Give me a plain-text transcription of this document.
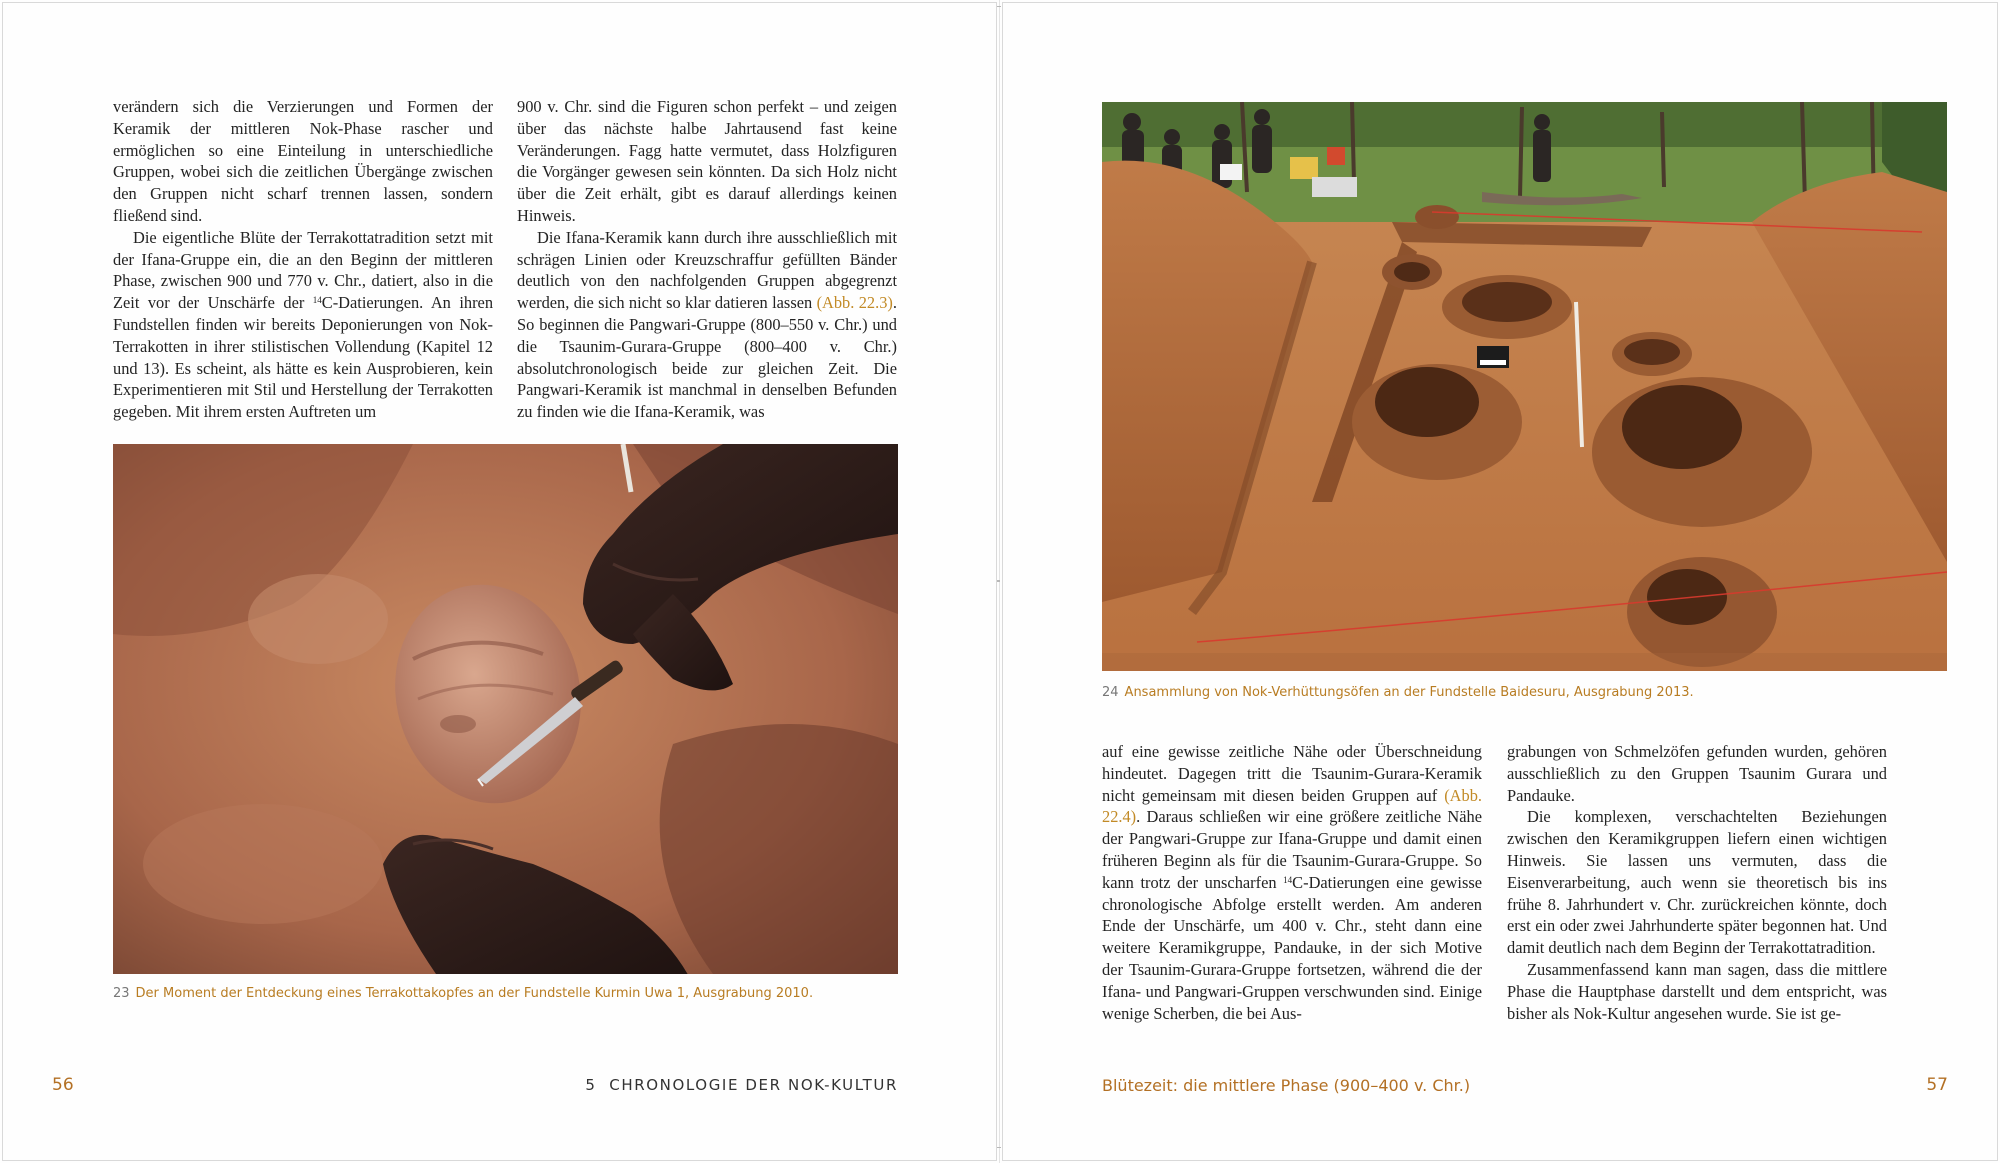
verändern sich die Verzierungen und Formen der Keramik der mittleren Nok-Phase rascher und ermöglichen so eine Einteilung in unterschiedliche Gruppen, wobei sich die zeitlichen Übergänge zwischen den Gruppen nicht scharf trennen lassen, sondern fließend sind.

Die eigentliche Blüte der Terrakottatradition setzt mit der Ifana-Gruppe ein, die an den Beginn der mittleren Phase, zwischen 900 und 770 v. Chr., datiert, also in die Zeit vor der Unschärfe der $^{14}$C-Datierungen. An ihren Fundstellen finden wir bereits Deponierungen von Nok-Terrakotten in ihrer stilistischen Vollendung (Kapitel 12 und 13). Es scheint, als hätte es kein Ausprobieren, kein Experimentieren mit Stil und Herstellung der Terrakotten gegeben. Mit ihrem ersten Auftreten um

900 v. Chr. sind die Figuren schon perfekt – und zeigen über das nächste halbe Jahrtausend fast keine Veränderungen. Fagg hatte vermutet, dass Holzfiguren die Vorgänger gewesen sein könnten. Da sich Holz nicht über die Zeit erhält, gibt es darauf allerdings keinen Hinweis.

Die Ifana-Keramik kann durch ihre ausschließlich mit schrägen Linien oder Kreuzschraffur gefüllten Bänder deutlich von den nachfolgenden Gruppen abgegrenzt werden, die sich nicht so klar datieren lassen (Abb. 22.3). So beginnen die Pangwari-Gruppe (800–550 v. Chr.) und die Tsaunim-Gurara-Gruppe (800–400 v. Chr.) absolutchronologisch beide zur gleichen Zeit. Die Pangwari-Keramik ist manchmal in denselben Befunden zu finden wie die Ifana-Keramik, was

23 Der Moment der Entdeckung eines Terrakottakopfes an der Fundstelle Kurmin Uwa 1, Ausgrabung 2010.

56	5 CHRONOLOGIE DER NOK-KULTUR

24 Ansammlung von Nok-Verhüttungsöfen an der Fundstelle Baidesuru, Ausgrabung 2013.

auf eine gewisse zeitliche Nähe oder Überschneidung hindeutet. Dagegen tritt die Tsaunim-Gurara-Keramik nicht gemeinsam mit diesen beiden Gruppen auf (Abb. 22.4). Daraus schließen wir eine größere zeitliche Nähe der Pangwari-Gruppe zur Ifana-Gruppe und damit einen früheren Beginn als für die Tsaunim-Gurara-Gruppe. So kann trotz der unscharfen $^{14}$C-Datierungen eine gewisse chronologische Abfolge erstellt werden. Am anderen Ende der Unschärfe, um 400 v. Chr., steht dann eine weitere Keramikgruppe, Pandauke, in der sich Motive der Tsaunim-Gurara-Gruppe fortsetzen, während die der Ifana- und Pangwari-Gruppen verschwunden sind. Einige wenige Scherben, die bei Aus-

grabungen von Schmelzöfen gefunden wurden, gehören ausschließlich zu den Gruppen Tsaunim Gurara und Pandauke.

Die komplexen, verschachtelten Beziehungen zwischen den Keramikgruppen liefern einen wichtigen Hinweis. Sie lassen uns vermuten, dass die Eisenverarbeitung, auch wenn sie theoretisch bis ins frühe 8. Jahrhundert v. Chr. zurückreichen könnte, doch erst ein oder zwei Jahrhunderte später begonnen hat. Und damit deutlich nach dem Beginn der Terrakottatradition.

Zusammenfassend kann man sagen, dass die mittlere Phase die Hauptphase darstellt und dem entspricht, was bisher als Nok-Kultur angesehen wurde. Sie ist ge-

Blütezeit: die mittlere Phase (900–400 v. Chr.)	57
